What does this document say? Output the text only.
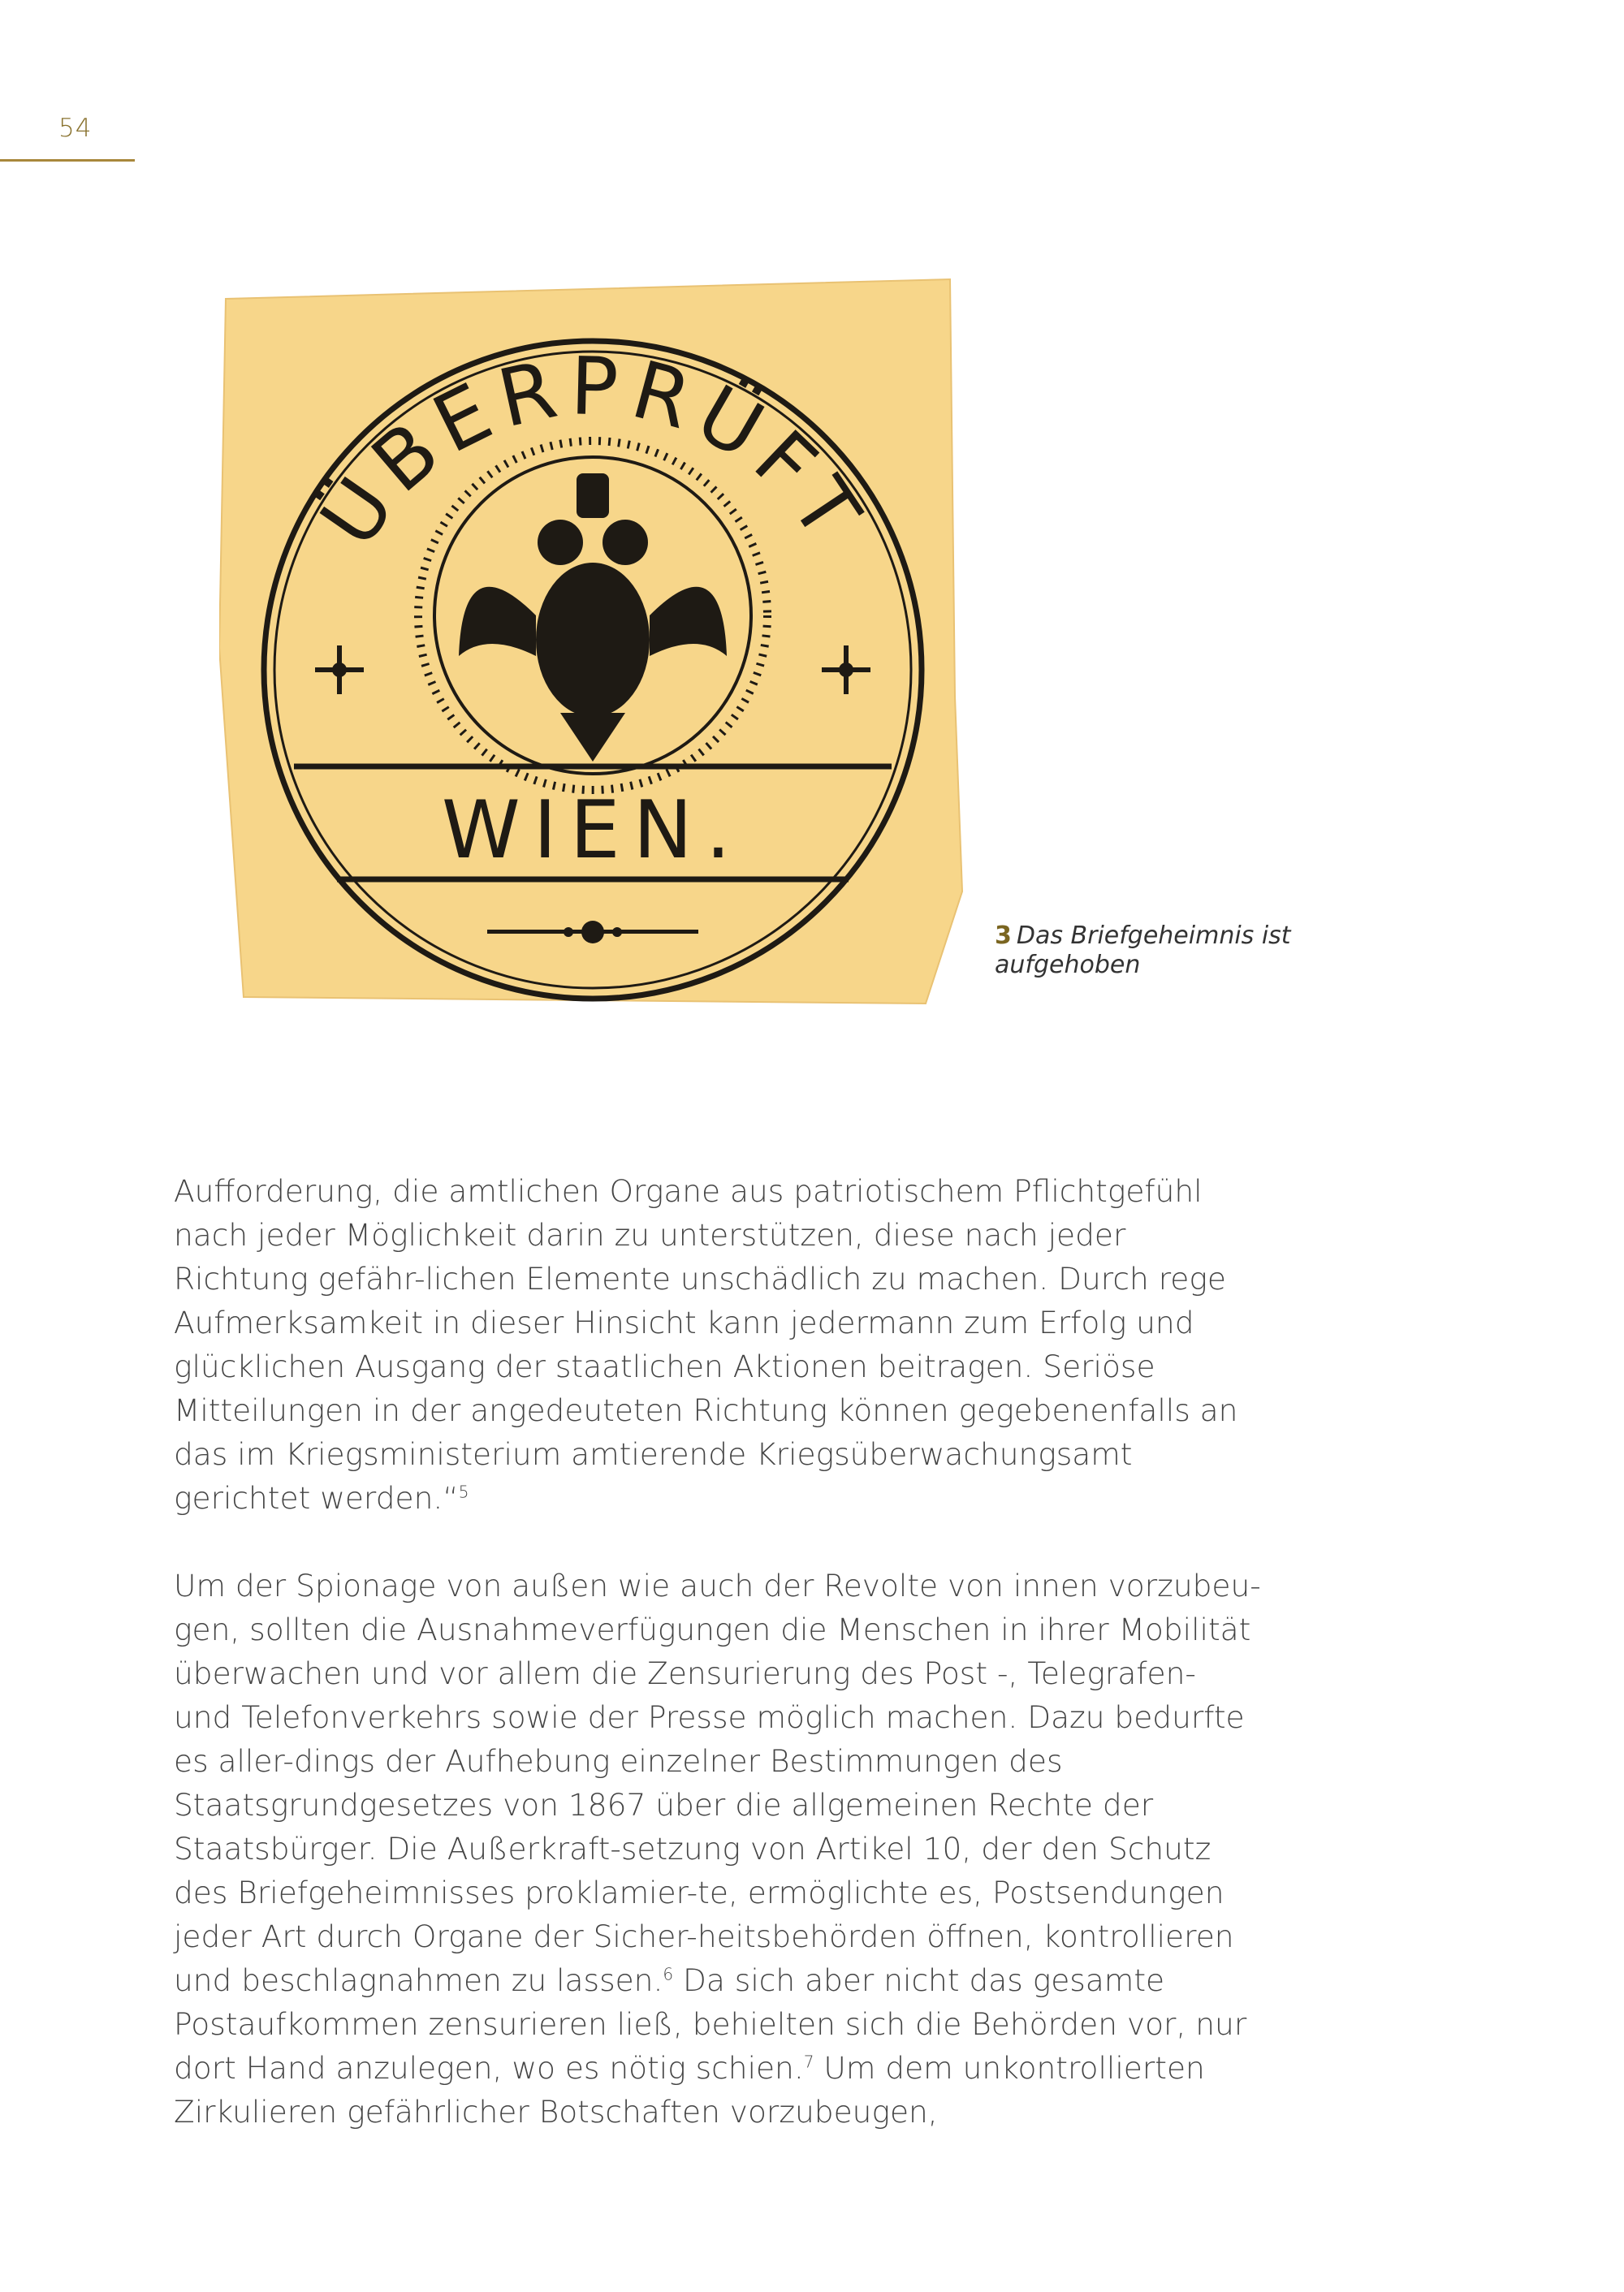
54
ÜBERPRÜFT
WIEN.
3 Das Briefgeheimnis ist aufgehoben

Aufforderung, die amtlichen Organe aus patriotischem Pflichtgefühl nach jeder Möglichkeit darin zu unterstützen, diese nach jeder Richtung gefähr-lichen Elemente unschädlich zu machen. Durch rege Aufmerksamkeit in dieser Hinsicht kann jedermann zum Erfolg und glücklichen Ausgang der staatlichen Aktionen beitragen. Seriöse Mitteilungen in der angedeuteten Richtung können gegebenenfalls an das im Kriegsministerium amtierende Kriegsüberwachungsamt gerichtet werden.“$^5$

Um der Spionage von außen wie auch der Revolte von innen vorzubeu-gen, sollten die Ausnahmeverfügungen die Menschen in ihrer Mobilität überwachen und vor allem die Zensurierung des Post -, Telegrafen- und Telefonverkehrs sowie der Presse möglich machen. Dazu bedurfte es aller-dings der Aufhebung einzelner Bestimmungen des Staatsgrundgesetzes von 1867 über die allgemeinen Rechte der Staatsbürger. Die Außerkraft-setzung von Artikel 10, der den Schutz des Briefgeheimnisses proklamier-te, ermöglichte es, Postsendungen jeder Art durch Organe der Sicher-heitsbehörden öffnen, kontrollieren und beschlagnahmen zu lassen.$^6$ Da sich aber nicht das gesamte Postaufkommen zensurieren ließ, behielten sich die Behörden vor, nur dort Hand anzulegen, wo es nötig schien.$^7$ Um dem unkontrollierten Zirkulieren gefährlicher Botschaften vorzubeugen,
